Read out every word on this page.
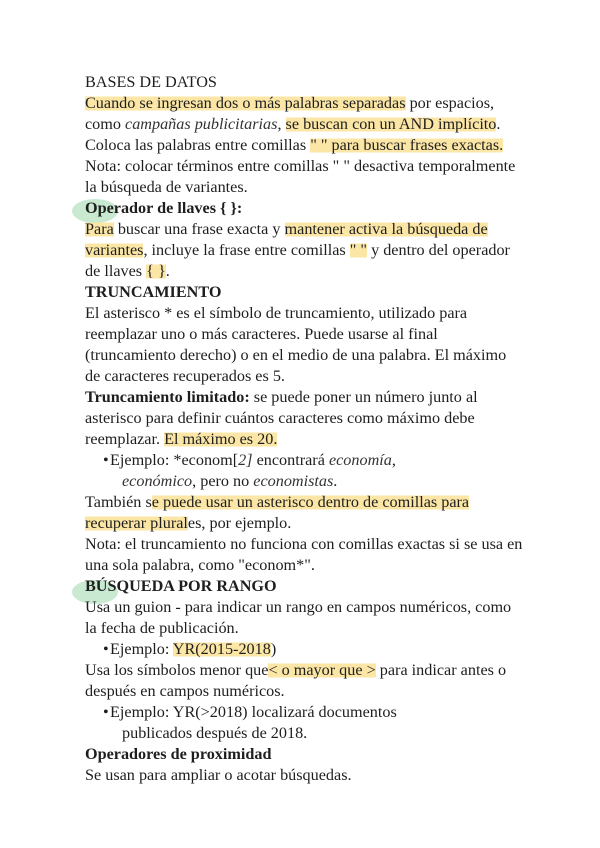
BASES DE DATOS

Cuando se ingresan dos o más palabras separadas por espacios, como campañas publicitarias, se buscan con un AND implícito.

Coloca las palabras entre comillas " " para buscar frases exactas.

Nota: colocar términos entre comillas " " desactiva temporalmente la búsqueda de variantes.

Operador de llaves { }:

Para buscar una frase exacta y mantener activa la búsqueda de variantes, incluye la frase entre comillas " " y dentro del operador de llaves { }.

TRUNCAMIENTO

El asterisco * es el símbolo de truncamiento, utilizado para reemplazar uno o más caracteres. Puede usarse al final (truncamiento derecho) o en el medio de una palabra. El máximo de caracteres recuperados es 5.

Truncamiento limitado: se puede poner un número junto al asterisco para definir cuántos caracteres como máximo debe reemplazar. El máximo es 20.

• Ejemplo: *econom[2] encontrará economía,
económico, pero no economistas.

También se puede usar un asterisco dentro de comillas para recuperar plurales, por ejemplo.

Nota: el truncamiento no funciona con comillas exactas si se usa en una sola palabra, como "econom*".

BÚSQUEDA POR RANGO

Usa un guion - para indicar un rango en campos numéricos, como la fecha de publicación.

• Ejemplo: YR(2015-2018)

Usa los símbolos menor que< o mayor que > para indicar antes o después en campos numéricos.

• Ejemplo: YR(>2018) localizará documentos
publicados después de 2018.

Operadores de proximidad

Se usan para ampliar o acotar búsquedas.
